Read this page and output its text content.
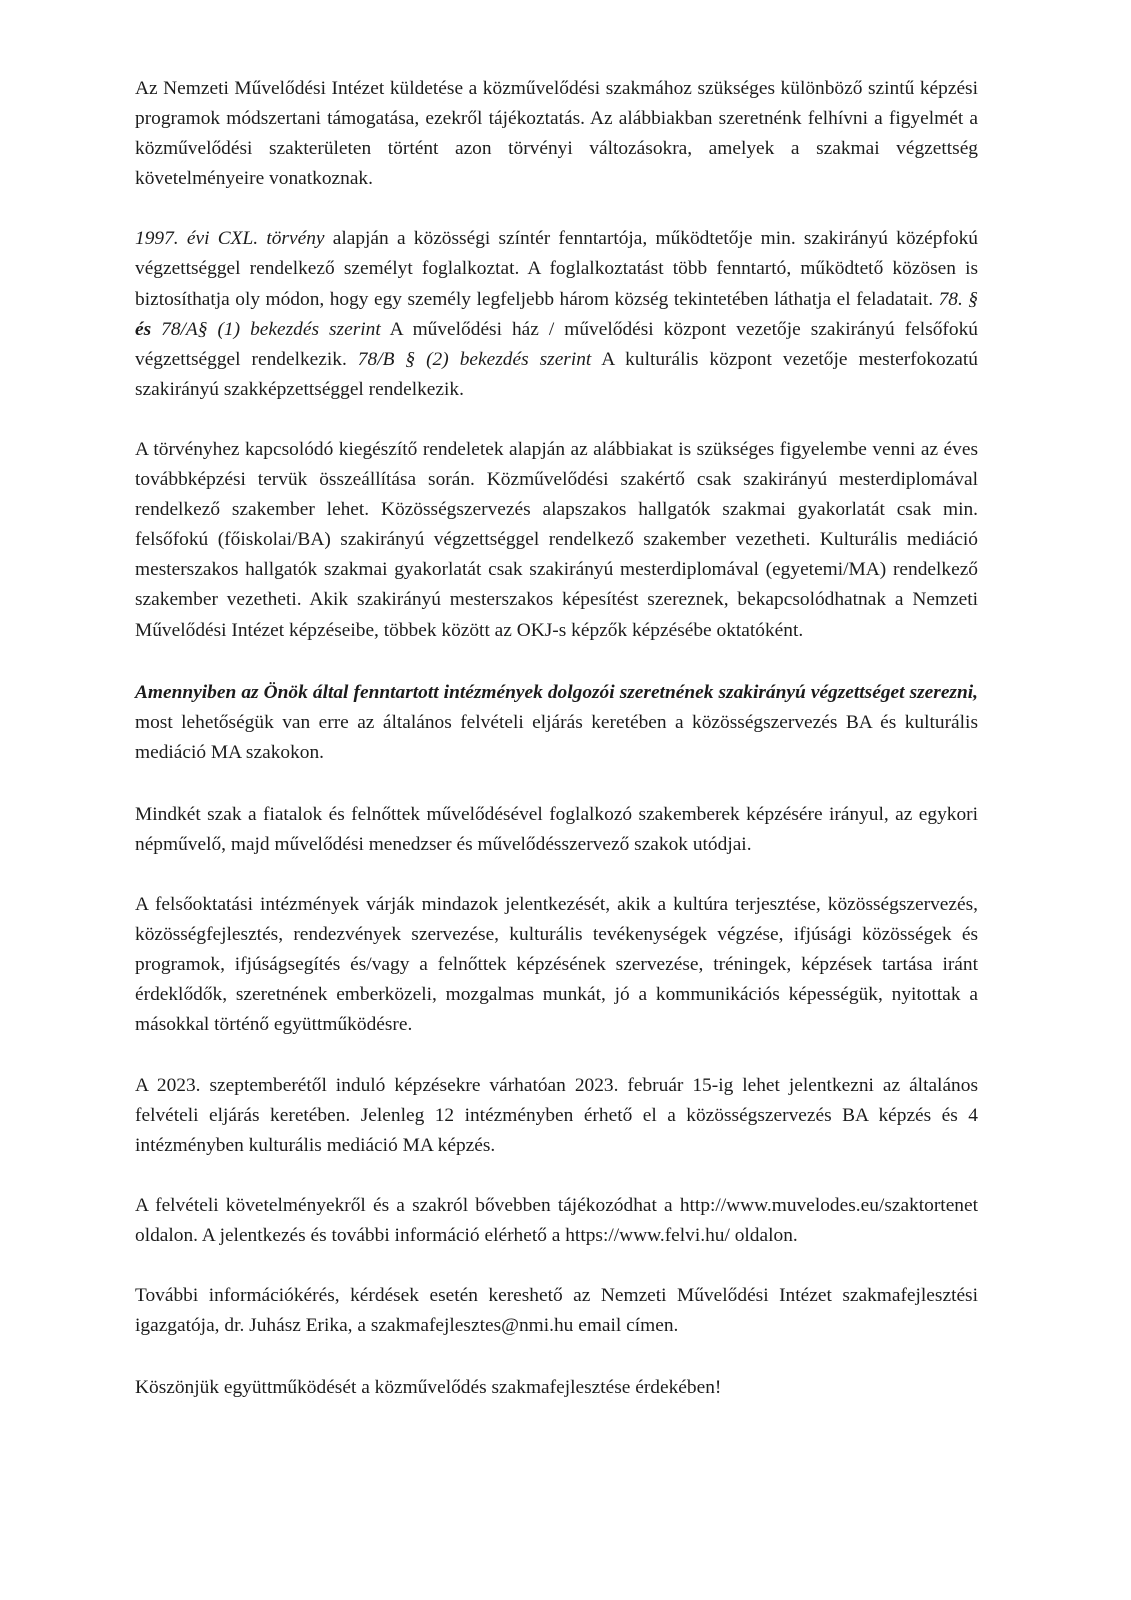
Az Nemzeti Művelődési Intézet küldetése a közművelődési szakmához szükséges különböző szintű képzési programok módszertani támogatása, ezekről tájékoztatás. Az alábbiakban szeretnénk felhívni a figyelmét a közművelődési szakterületen történt azon törvényi változásokra, amelyek a szakmai végzettség követelményeire vonatkoznak.

1997. évi CXL. törvény alapján a közösségi színtér fenntartója, működtetője min. szakirányú középfokú végzettséggel rendelkező személyt foglalkoztat. A foglalkoztatást több fenntartó, működtető közösen is biztosíthatja oly módon, hogy egy személy legfeljebb három község tekintetében láthatja el feladatait. 78. § és 78/A§ (1) bekezdés szerint A művelődési ház / művelődési központ vezetője szakirányú felsőfokú végzettséggel rendelkezik. 78/B § (2) bekezdés szerint A kulturális központ vezetője mesterfokozatú szakirányú szakképzettséggel rendelkezik.

A törvényhez kapcsolódó kiegészítő rendeletek alapján az alábbiakat is szükséges figyelembe venni az éves továbbképzési tervük összeállítása során. Közművelődési szakértő csak szakirányú mesterdiplomával rendelkező szakember lehet. Közösségszervezés alapszakos hallgatók szakmai gyakorlatát csak min. felsőfokú (főiskolai/BA) szakirányú végzettséggel rendelkező szakember vezetheti. Kulturális mediáció mesterszakos hallgatók szakmai gyakorlatát csak szakirányú mesterdiplomával (egyetemi/MA) rendelkező szakember vezetheti. Akik szakirányú mesterszakos képesítést szereznek, bekapcsolódhatnak a Nemzeti Művelődési Intézet képzéseibe, többek között az OKJ-s képzők képzésébe oktatóként.

Amennyiben az Önök által fenntartott intézmények dolgozói szeretnének szakirányú végzettséget szerezni, most lehetőségük van erre az általános felvételi eljárás keretében a közösségszervezés BA és kulturális mediáció MA szakokon.

Mindkét szak a fiatalok és felnőttek művelődésével foglalkozó szakemberek képzésére irányul, az egykori népművelő, majd művelődési menedzser és művelődésszervező szakok utódjai.

A felsőoktatási intézmények várják mindazok jelentkezését, akik a kultúra terjesztése, közösségszervezés, közösségfejlesztés, rendezvények szervezése, kulturális tevékenységek végzése, ifjúsági közösségek és programok, ifjúságsegítés és/vagy a felnőttek képzésének szervezése, tréningek, képzések tartása iránt érdeklődők, szeretnének emberközeli, mozgalmas munkát, jó a kommunikációs képességük, nyitottak a másokkal történő együttműködésre.

A 2023. szeptemberétől induló képzésekre várhatóan 2023. február 15-ig lehet jelentkezni az általános felvételi eljárás keretében. Jelenleg 12 intézményben érhető el a közösségszervezés BA képzés és 4 intézményben kulturális mediáció MA képzés.

A felvételi követelményekről és a szakról bővebben tájékozódhat a http://www.muvelodes.eu/szaktortenet oldalon. A jelentkezés és további információ elérhető a https://www.felvi.hu/ oldalon.

További információkérés, kérdések esetén kereshető az Nemzeti Művelődési Intézet szakmafejlesztési igazgatója, dr. Juhász Erika, a szakmafejlesztes@nmi.hu email címen.

Köszönjük együttműködését a közművelődés szakmafejlesztése érdekében!
